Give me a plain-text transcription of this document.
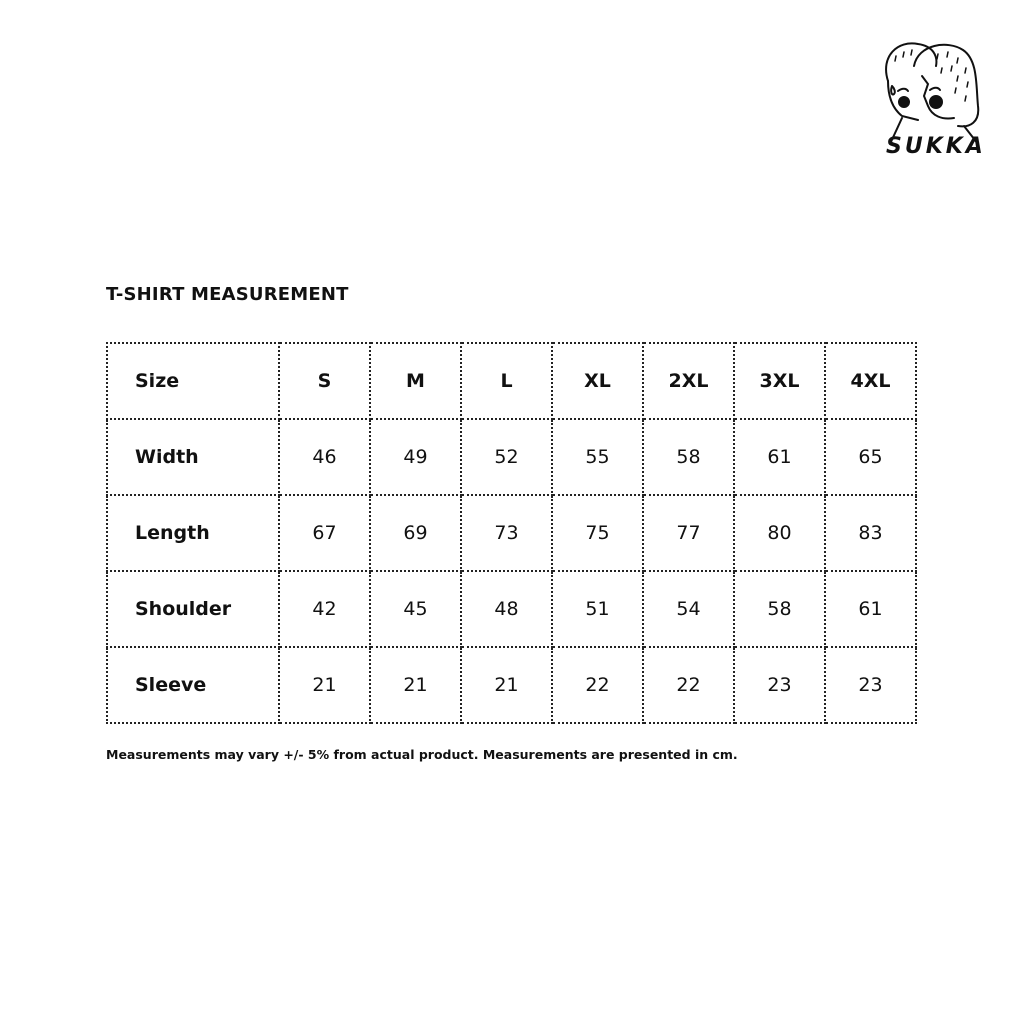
SUKKA
T-SHIRT MEASUREMENT
Size	S	M	L	XL	2XL	3XL	4XL
Width	46	49	52	55	58	61	65
Length	67	69	73	75	77	80	83
Shoulder	42	45	48	51	54	58	61
Sleeve	21	21	21	22	22	23	23
Measurements may vary +/- 5% from actual product. Measurements are presented in cm.
